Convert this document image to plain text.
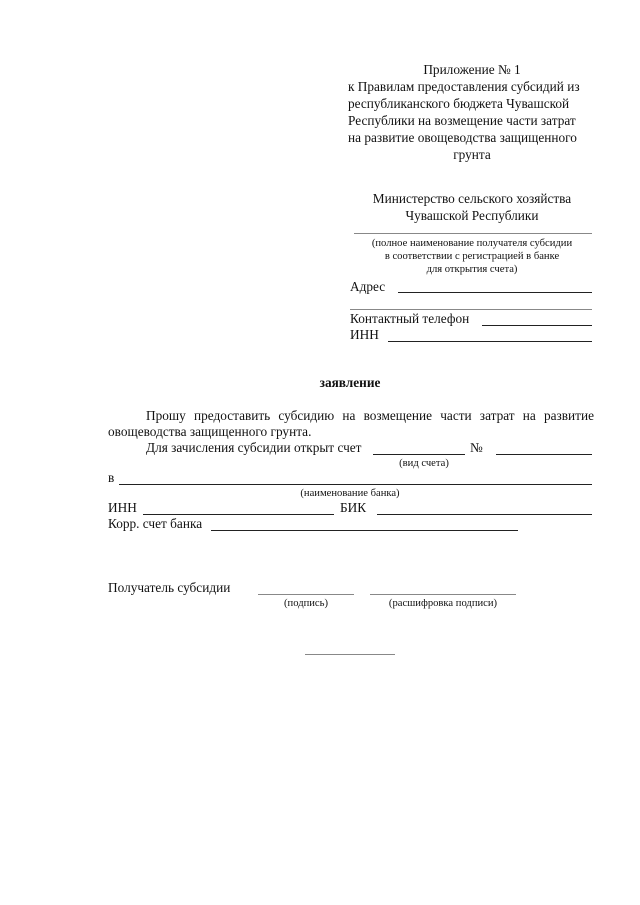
Приложение № 1
к Правилам предоставления субсидий из
республиканского бюджета Чувашской
Республики на возмещение части затрат
на развитие овощеводства защищенного
грунта
Министерство сельского хозяйства
Чувашской Республики
(полное наименование получателя субсидии
в соответствии с регистрацией в банке
для открытия счета)
Адрес
Контактный телефон
ИНН
заявление
Прошу предоставить субсидию на возмещение части затрат на развитие
овощеводства защищенного грунта.
Для зачисления субсидии открыт счет	№
(вид счета)
в
(наименование банка)
ИНН	БИК
Корр. счет банка
Получатель субсидии
(подпись)	(расшифровка подписи)
